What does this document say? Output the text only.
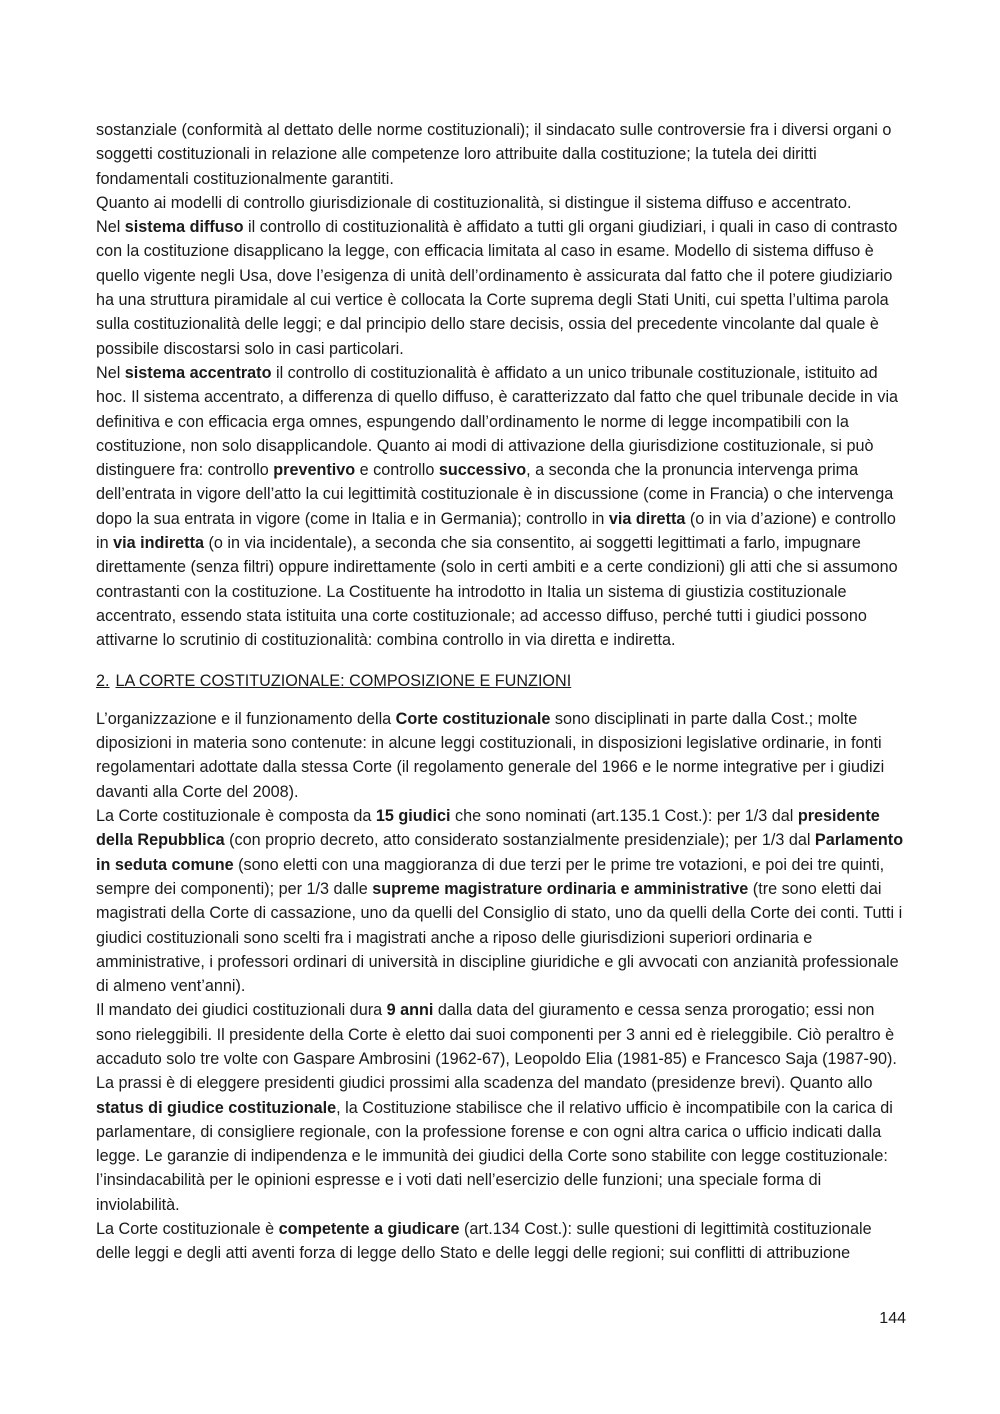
sostanziale (conformità al dettato delle norme costituzionali); il sindacato sulle controversie fra i diversi organi o soggetti costituzionali in relazione alle competenze loro attribuite dalla costituzione; la tutela dei diritti fondamentali costituzionalmente garantiti.

Quanto ai modelli di controllo giurisdizionale di costituzionalità, si distingue il sistema diffuso e accentrato.

Nel sistema diffuso il controllo di costituzionalità è affidato a tutti gli organi giudiziari, i quali in caso di contrasto con la costituzione disapplicano la legge, con efficacia limitata al caso in esame. Modello di sistema diffuso è quello vigente negli Usa, dove l’esigenza di unità dell’ordinamento è assicurata dal fatto che il potere giudiziario ha una struttura piramidale al cui vertice è collocata la Corte suprema degli Stati Uniti, cui spetta l’ultima parola sulla costituzionalità delle leggi; e dal principio dello stare decisis, ossia del precedente vincolante dal quale è possibile discostarsi solo in casi particolari.

Nel sistema accentrato il controllo di costituzionalità è affidato a un unico tribunale costituzionale, istituito ad hoc. Il sistema accentrato, a differenza di quello diffuso, è caratterizzato dal fatto che quel tribunale decide in via definitiva e con efficacia erga omnes, espungendo dall’ordinamento le norme di legge incompatibili con la costituzione, non solo disapplicandole. Quanto ai modi di attivazione della giurisdizione costituzionale, si può distinguere fra: controllo preventivo e controllo successivo, a seconda che la pronuncia intervenga prima dell’entrata in vigore dell’atto la cui legittimità costituzionale è in discussione (come in Francia) o che intervenga dopo la sua entrata in vigore (come in Italia e in Germania); controllo in via diretta (o in via d’azione) e controllo in via indiretta (o in via incidentale), a seconda che sia consentito, ai soggetti legittimati a farlo, impugnare direttamente (senza filtri) oppure indirettamente (solo in certi ambiti e a certe condizioni) gli atti che si assumono contrastanti con la costituzione. La Costituente ha introdotto in Italia un sistema di giustizia costituzionale accentrato, essendo stata istituita una corte costituzionale; ad accesso diffuso, perché tutti i giudici possono attivarne lo scrutinio di costituzionalità: combina controllo in via diretta e indiretta.

2. LA CORTE COSTITUZIONALE: COMPOSIZIONE E FUNZIONI

L’organizzazione e il funzionamento della Corte costituzionale sono disciplinati in parte dalla Cost.; molte diposizioni in materia sono contenute: in alcune leggi costituzionali, in disposizioni legislative ordinarie, in fonti regolamentari adottate dalla stessa Corte (il regolamento generale del 1966 e le norme integrative per i giudizi davanti alla Corte del 2008).

La Corte costituzionale è composta da 15 giudici che sono nominati (art.135.1 Cost.): per 1/3 dal presidente della Repubblica (con proprio decreto, atto considerato sostanzialmente presidenziale); per 1/3 dal Parlamento in seduta comune (sono eletti con una maggioranza di due terzi per le prime tre votazioni, e poi dei tre quinti, sempre dei componenti); per 1/3 dalle supreme magistrature ordinaria e amministrative (tre sono eletti dai magistrati della Corte di cassazione, uno da quelli del Consiglio di stato, uno da quelli della Corte dei conti. Tutti i giudici costituzionali sono scelti fra i magistrati anche a riposo delle giurisdizioni superiori ordinaria e amministrative, i professori ordinari di università in discipline giuridiche e gli avvocati con anzianità professionale di almeno vent’anni).

Il mandato dei giudici costituzionali dura 9 anni dalla data del giuramento e cessa senza prorogatio; essi non sono rieleggibili. Il presidente della Corte è eletto dai suoi componenti per 3 anni ed è rieleggibile. Ciò peraltro è accaduto solo tre volte con Gaspare Ambrosini (1962-67), Leopoldo Elia (1981-85) e Francesco Saja (1987-90). La prassi è di eleggere presidenti giudici prossimi alla scadenza del mandato (presidenze brevi). Quanto allo status di giudice costituzionale, la Costituzione stabilisce che il relativo ufficio è incompatibile con la carica di parlamentare, di consigliere regionale, con la professione forense e con ogni altra carica o ufficio indicati dalla legge. Le garanzie di indipendenza e le immunità dei giudici della Corte sono stabilite con legge costituzionale: l’insindacabilità per le opinioni espresse e i voti dati nell’esercizio delle funzioni; una speciale forma di inviolabilità.

La Corte costituzionale è competente a giudicare (art.134 Cost.): sulle questioni di legittimità costituzionale delle leggi e degli atti aventi forza di legge dello Stato e delle leggi delle regioni; sui conflitti di attribuzione

144
